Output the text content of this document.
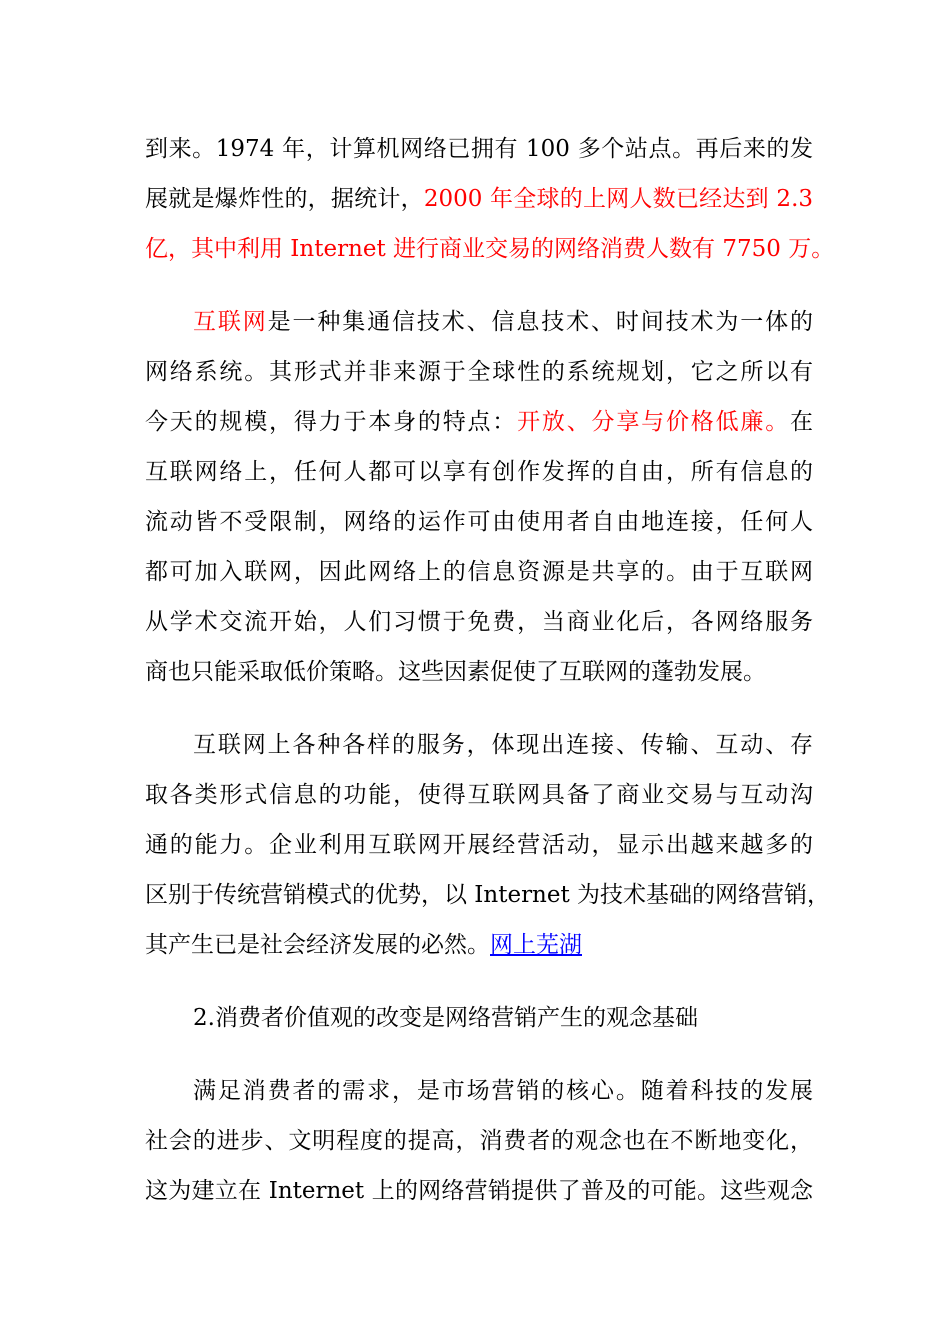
到来。1974 年，计算机网络已拥有 100 多个站点。再后来的发
展就是爆炸性的，据统计，2000 年全球的上网人数已经达到 2.3
亿，其中利用 Internet 进行商业交易的网络消费人数有 7750 万。

互联网是一种集通信技术、信息技术、时间技术为一体的
网络系统。其形式并非来源于全球性的系统规划，它之所以有
今天的规模，得力于本身的特点：开放、分享与价格低廉。在
互联网络上，任何人都可以享有创作发挥的自由，所有信息的
流动皆不受限制，网络的运作可由使用者自由地连接，任何人
都可加入联网，因此网络上的信息资源是共享的。由于互联网
从学术交流开始，人们习惯于免费，当商业化后，各网络服务
商也只能采取低价策略。这些因素促使了互联网的蓬勃发展。

互联网上各种各样的服务，体现出连接、传输、互动、存
取各类形式信息的功能，使得互联网具备了商业交易与互动沟
通的能力。企业利用互联网开展经营活动，显示出越来越多的
区别于传统营销模式的优势，以 Internet 为技术基础的网络营销，
其产生已是社会经济发展的必然。网上芜湖

2.消费者价值观的改变是网络营销产生的观念基础

满足消费者的需求，是市场营销的核心。随着科技的发展
社会的进步、文明程度的提高，消费者的观念也在不断地变化，
这为建立在 Internet 上的网络营销提供了普及的可能。这些观念
